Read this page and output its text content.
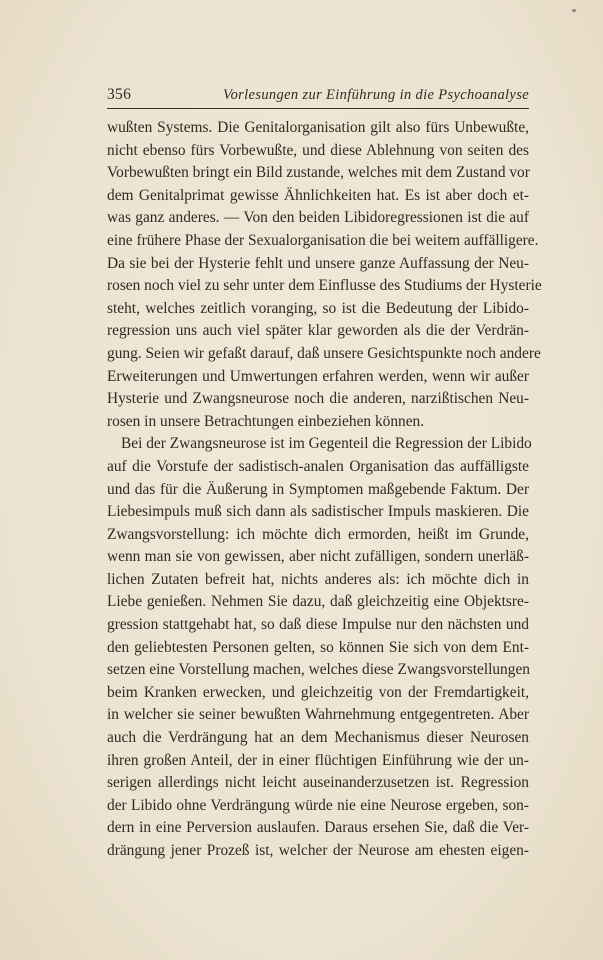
356	Vorlesungen zur Einführung in die Psychoanalyse
wußten Systems. Die Genitalorganisation gilt also fürs Unbewußte,
nicht ebenso fürs Vorbewußte, und diese Ablehnung von seiten des
Vorbewußten bringt ein Bild zustande, welches mit dem Zustand vor
dem Genitalprimat gewisse Ähnlichkeiten hat. Es ist aber doch et-
was ganz anderes. — Von den beiden Libidoregressionen ist die auf
eine frühere Phase der Sexualorganisation die bei weitem auffälligere.
Da sie bei der Hysterie fehlt und unsere ganze Auffassung der Neu-
rosen noch viel zu sehr unter dem Einflusse des Studiums der Hysterie
steht, welches zeitlich voranging, so ist die Bedeutung der Libido-
regression uns auch viel später klar geworden als die der Verdrän-
gung. Seien wir gefaßt darauf, daß unsere Gesichtspunkte noch andere
Erweiterungen und Umwertungen erfahren werden, wenn wir außer
Hysterie und Zwangsneurose noch die anderen, narzißtischen Neu-
rosen in unsere Betrachtungen einbeziehen können.
Bei der Zwangsneurose ist im Gegenteil die Regression der Libido
auf die Vorstufe der sadistisch-analen Organisation das auffälligste
und das für die Äußerung in Symptomen maßgebende Faktum. Der
Liebesimpuls muß sich dann als sadistischer Impuls maskieren. Die
Zwangsvorstellung: ich möchte dich ermorden, heißt im Grunde,
wenn man sie von gewissen, aber nicht zufälligen, sondern unerläß-
lichen Zutaten befreit hat, nichts anderes als: ich möchte dich in
Liebe genießen. Nehmen Sie dazu, daß gleichzeitig eine Objektsre-
gression stattgehabt hat, so daß diese Impulse nur den nächsten und
den geliebtesten Personen gelten, so können Sie sich von dem Ent-
setzen eine Vorstellung machen, welches diese Zwangsvorstellungen
beim Kranken erwecken, und gleichzeitig von der Fremdartigkeit,
in welcher sie seiner bewußten Wahrnehmung entgegentreten. Aber
auch die Verdrängung hat an dem Mechanismus dieser Neurosen
ihren großen Anteil, der in einer flüchtigen Einführung wie der un-
serigen allerdings nicht leicht auseinanderzusetzen ist. Regression
der Libido ohne Verdrängung würde nie eine Neurose ergeben, son-
dern in eine Perversion auslaufen. Daraus ersehen Sie, daß die Ver-
drängung jener Prozeß ist, welcher der Neurose am ehesten eigen-
